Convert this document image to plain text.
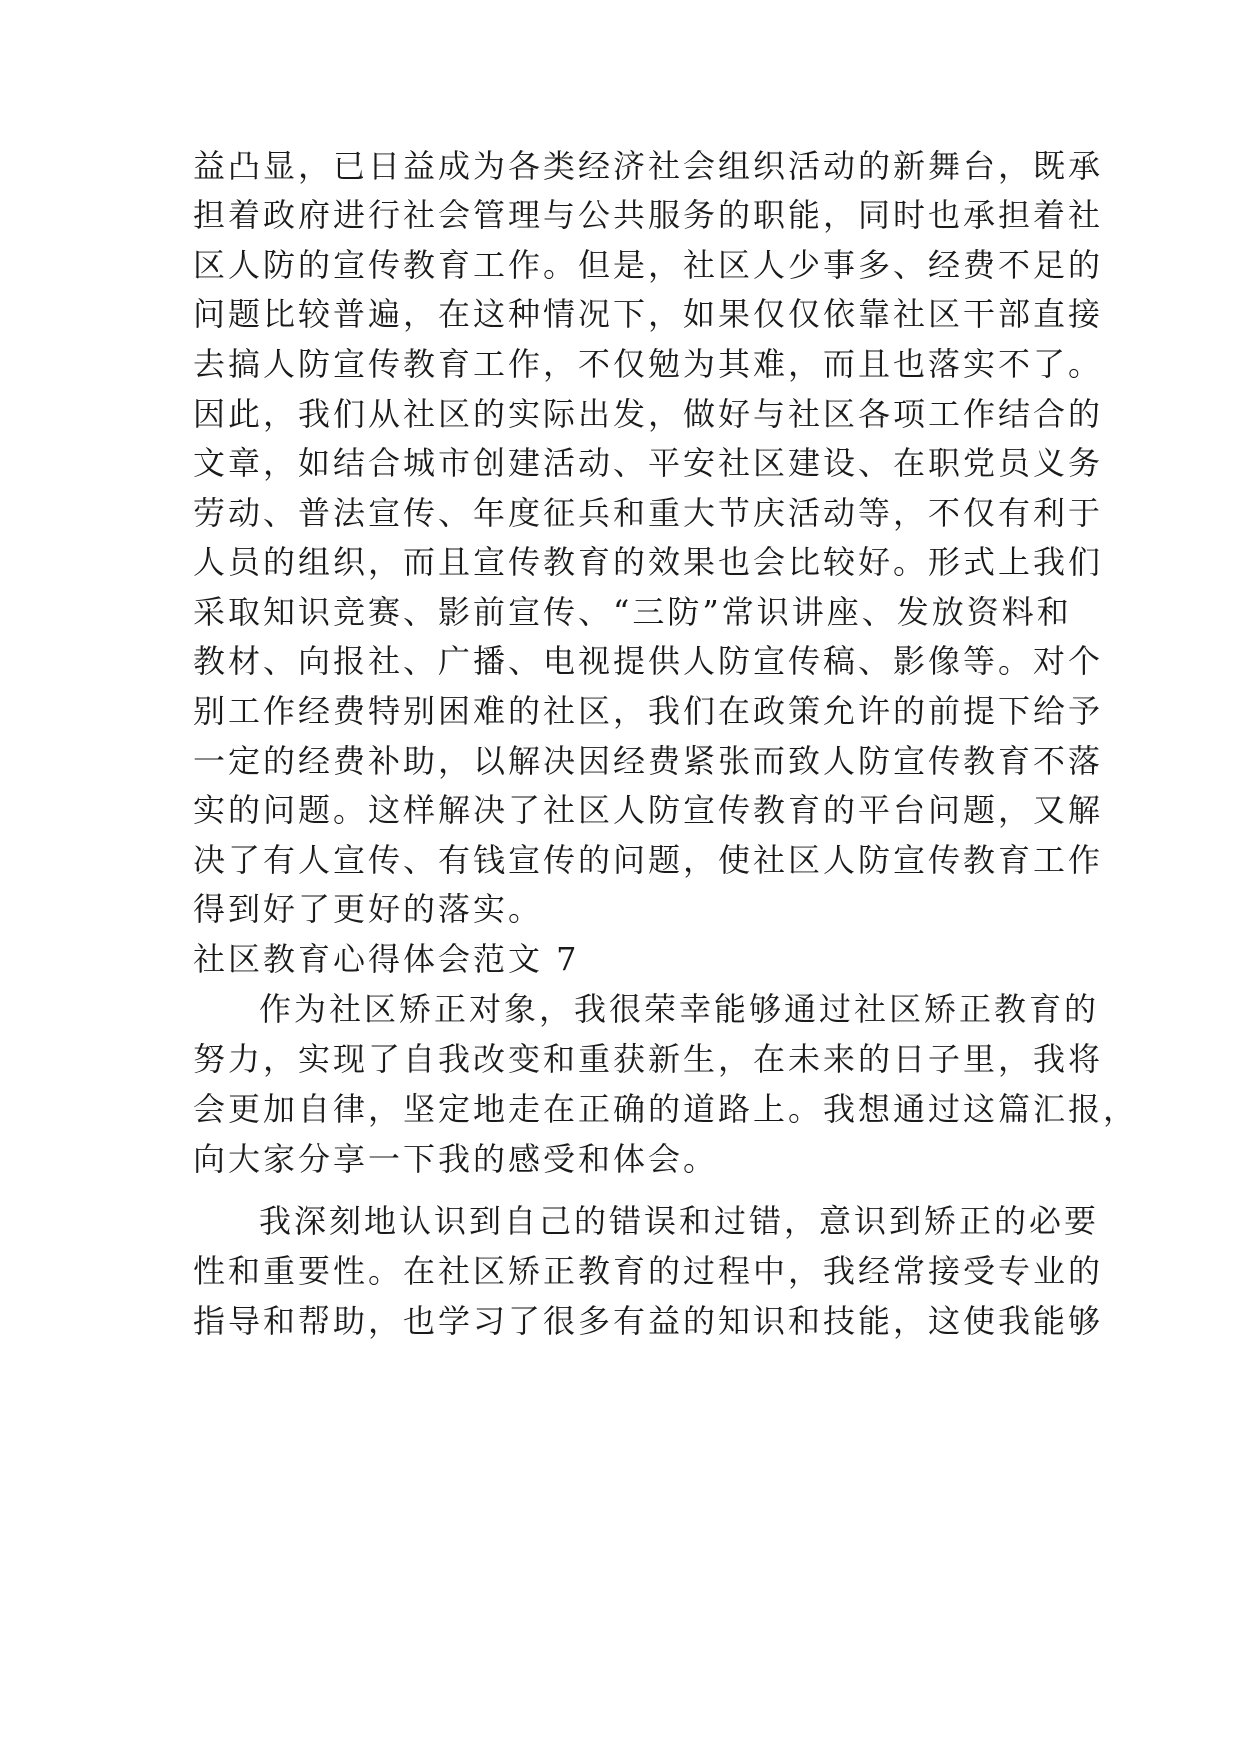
益凸显，已日益成为各类经济社会组织活动的新舞台，既承
担着政府进行社会管理与公共服务的职能，同时也承担着社
区人防的宣传教育工作。但是，社区人少事多、经费不足的
问题比较普遍，在这种情况下，如果仅仅依靠社区干部直接
去搞人防宣传教育工作，不仅勉为其难，而且也落实不了。
因此，我们从社区的实际出发，做好与社区各项工作结合的
文章，如结合城市创建活动、平安社区建设、在职党员义务
劳动、普法宣传、年度征兵和重大节庆活动等，不仅有利于
人员的组织，而且宣传教育的效果也会比较好。形式上我们
采取知识竞赛、影前宣传、“三防”常识讲座、发放资料和
教材、向报社、广播、电视提供人防宣传稿、影像等。对个
别工作经费特别困难的社区，我们在政策允许的前提下给予
一定的经费补助，以解决因经费紧张而致人防宣传教育不落
实的问题。这样解决了社区人防宣传教育的平台问题，又解
决了有人宣传、有钱宣传的问题，使社区人防宣传教育工作
得到好了更好的落实。
社区教育心得体会范文 7
作为社区矫正对象，我很荣幸能够通过社区矫正教育的
努力，实现了自我改变和重获新生，在未来的日子里，我将
会更加自律，坚定地走在正确的道路上。我想通过这篇汇报，
向大家分享一下我的感受和体会。
我深刻地认识到自己的错误和过错，意识到矫正的必要
性和重要性。在社区矫正教育的过程中，我经常接受专业的
指导和帮助，也学习了很多有益的知识和技能，这使我能够
